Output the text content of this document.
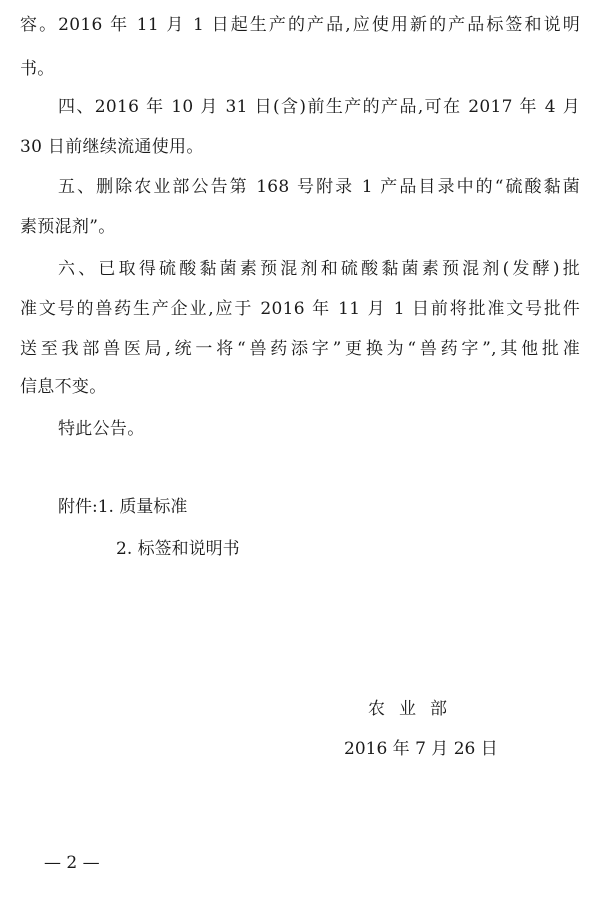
容。2016 年 11 月 1 日起生产的产品,应使用新的产品标签和说明
书。
四、2016 年 10 月 31 日(含)前生产的产品,可在 2017 年 4 月
30 日前继续流通使用。
五、删除农业部公告第 168 号附录 1 产品目录中的“硫酸黏菌
素预混剂”。
六、已取得硫酸黏菌素预混剂和硫酸黏菌素预混剂(发酵)批
准文号的兽药生产企业,应于 2016 年 11 月 1 日前将批准文号批件
送至我部兽医局,统一将“兽药添字”更换为“兽药字”,其他批准
信息不变。
特此公告。
附件:1. 质量标准
2. 标签和说明书
农业部
2016 年 7 月 26 日
— 2 —
